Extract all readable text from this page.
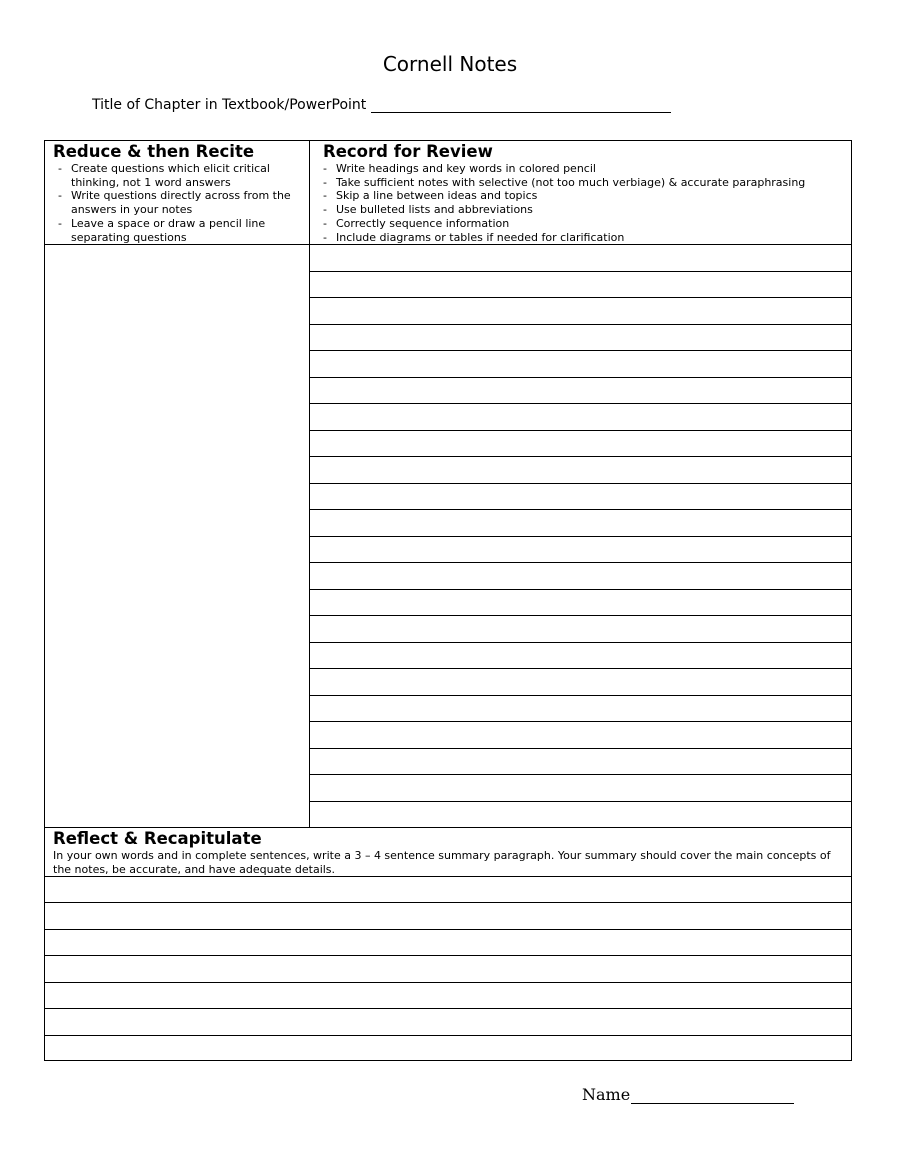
Cornell Notes
Title of Chapter in Textbook/PowerPoint
Reduce & then Recite
- Create questions which elicit critical thinking, not 1 word answers
- Write questions directly across from the answers in your notes
- Leave a space or draw a pencil line separating questions
Record for Review
- Write headings and key words in colored pencil
- Take sufficient notes with selective (not too much verbiage) & accurate paraphrasing
- Skip a line between ideas and topics
- Use bulleted lists and abbreviations
- Correctly sequence information
- Include diagrams or tables if needed for clarification
Reflect & Recapitulate
In your own words and in complete sentences, write a 3 – 4 sentence summary paragraph. Your summary should cover the main concepts of the notes, be accurate, and have adequate details.
Name
